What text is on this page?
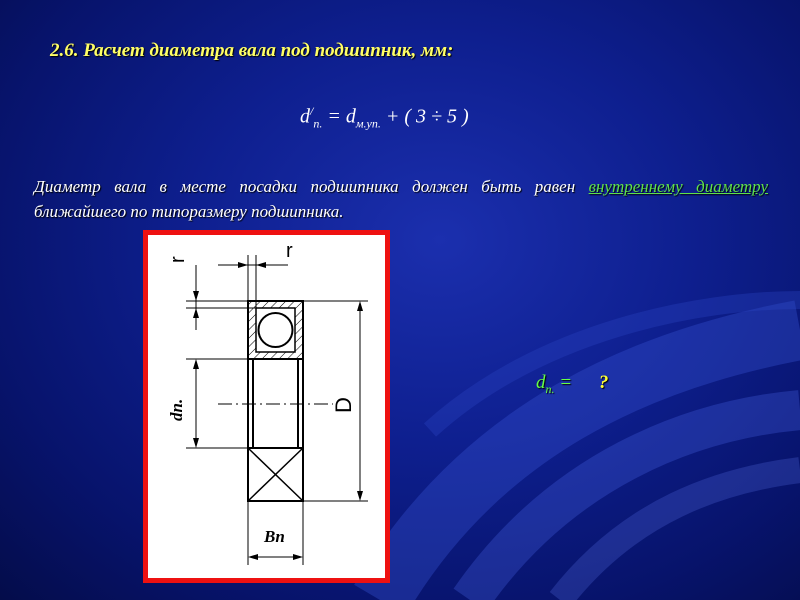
2.6. Расчет диаметра вала под подшипник, мм:
$d^/_{п.} = d_{м.уп.}$ + ( 3 ÷ 5 )
Диаметр вала в месте посадки подшипника должен быть равен внутреннему диаметру ближайшего по типоразмеру подшипника.
r	r
D
dп.
Bп
$d_{п.}$ = ?
